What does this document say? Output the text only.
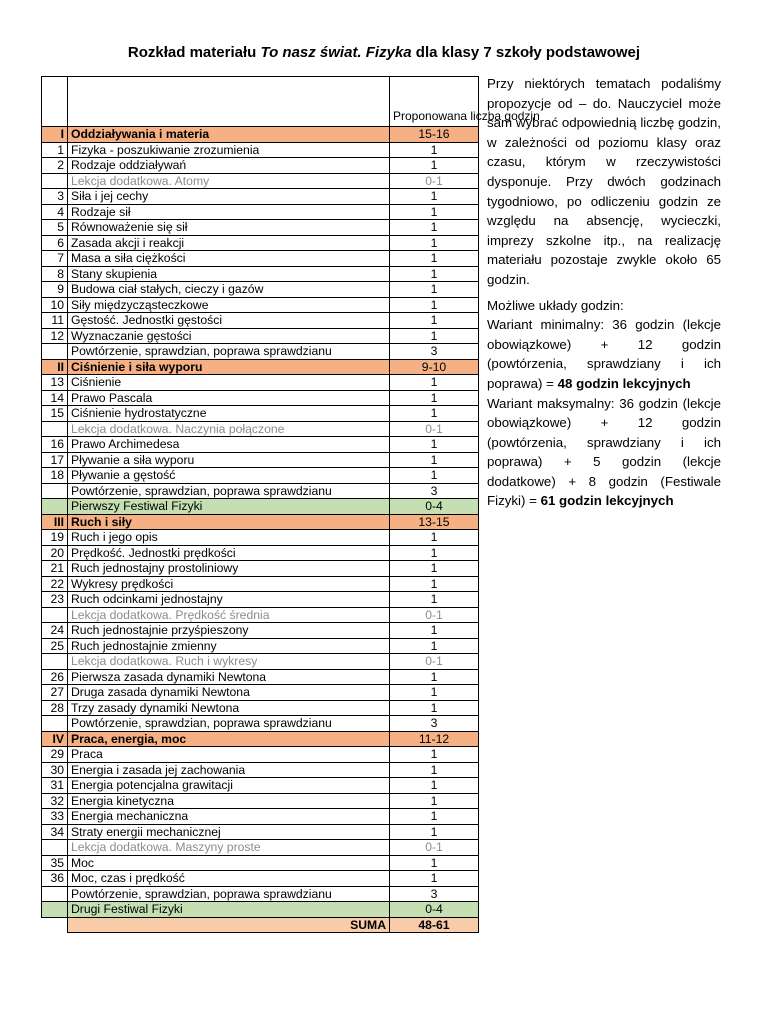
Rozkład materiału To nasz świat. Fizyka dla klasy 7 szkoły podstawowej
		Proponowana liczba godzin
I	Oddziaływania i materia	15-16
1	Fizyka - poszukiwanie zrozumienia	1
2	Rodzaje oddziaływań	1
	Lekcja dodatkowa. Atomy	0-1
3	Siła i jej cechy	1
4	Rodzaje sił	1
5	Równoważenie się sił	1
6	Zasada akcji i reakcji	1
7	Masa a siła ciężkości	1
8	Stany skupienia	1
9	Budowa ciał stałych, cieczy i gazów	1
10	Siły międzycząsteczkowe	1
11	Gęstość. Jednostki gęstości	1
12	Wyznaczanie gęstości	1
	Powtórzenie, sprawdzian, poprawa sprawdzianu	3
II	Ciśnienie i siła wyporu	9-10
13	Ciśnienie	1
14	Prawo Pascala	1
15	Ciśnienie hydrostatyczne	1
	Lekcja dodatkowa. Naczynia połączone	0-1
16	Prawo Archimedesa	1
17	Pływanie a siła wyporu	1
18	Pływanie a gęstość	1
	Powtórzenie, sprawdzian, poprawa sprawdzianu	3
	Pierwszy Festiwal Fizyki	0-4
III	Ruch i siły	13-15
19	Ruch i jego opis	1
20	Prędkość. Jednostki prędkości	1
21	Ruch jednostajny prostoliniowy	1
22	Wykresy prędkości	1
23	Ruch odcinkami jednostajny	1
	Lekcja dodatkowa. Prędkość średnia	0-1
24	Ruch jednostajnie przyśpieszony	1
25	Ruch jednostajnie zmienny	1
	Lekcja dodatkowa. Ruch i wykresy	0-1
26	Pierwsza zasada dynamiki Newtona	1
27	Druga zasada dynamiki Newtona	1
28	Trzy zasady dynamiki Newtona	1
	Powtórzenie, sprawdzian, poprawa sprawdzianu	3
IV	Praca, energia, moc	11-12
29	Praca	1
30	Energia i zasada jej zachowania	1
31	Energia potencjalna grawitacji	1
32	Energia kinetyczna	1
33	Energia mechaniczna	1
34	Straty energii mechanicznej	1
	Lekcja dodatkowa. Maszyny proste	0-1
35	Moc	1
36	Moc, czas i prędkość	1
	Powtórzenie, sprawdzian, poprawa sprawdzianu	3
	Drugi Festiwal Fizyki	0-4
	SUMA	48-61

Przy niektórych tematach podaliśmy propozycje od – do. Nauczyciel może sam wybrać odpowiednią liczbę godzin, w zależności od poziomu klasy oraz czasu, którym w rzeczywistości dysponuje. Przy dwóch godzinach tygodniowo, po odliczeniu godzin ze względu na absencję, wycieczki, imprezy szkolne itp., na realizację materiału pozostaje zwykle około 65 godzin.

Możliwe układy godzin:
Wariant minimalny: 36 godzin (lekcje obowiązkowe) + 12 godzin (powtórzenia, sprawdziany i ich poprawa) = 48 godzin lekcyjnych
Wariant maksymalny: 36 godzin (lekcje obowiązkowe) + 12 godzin (powtórzenia, sprawdziany i ich poprawa) + 5 godzin (lekcje dodatkowe) + 8 godzin (Festiwale Fizyki) = 61 godzin lekcyjnych
